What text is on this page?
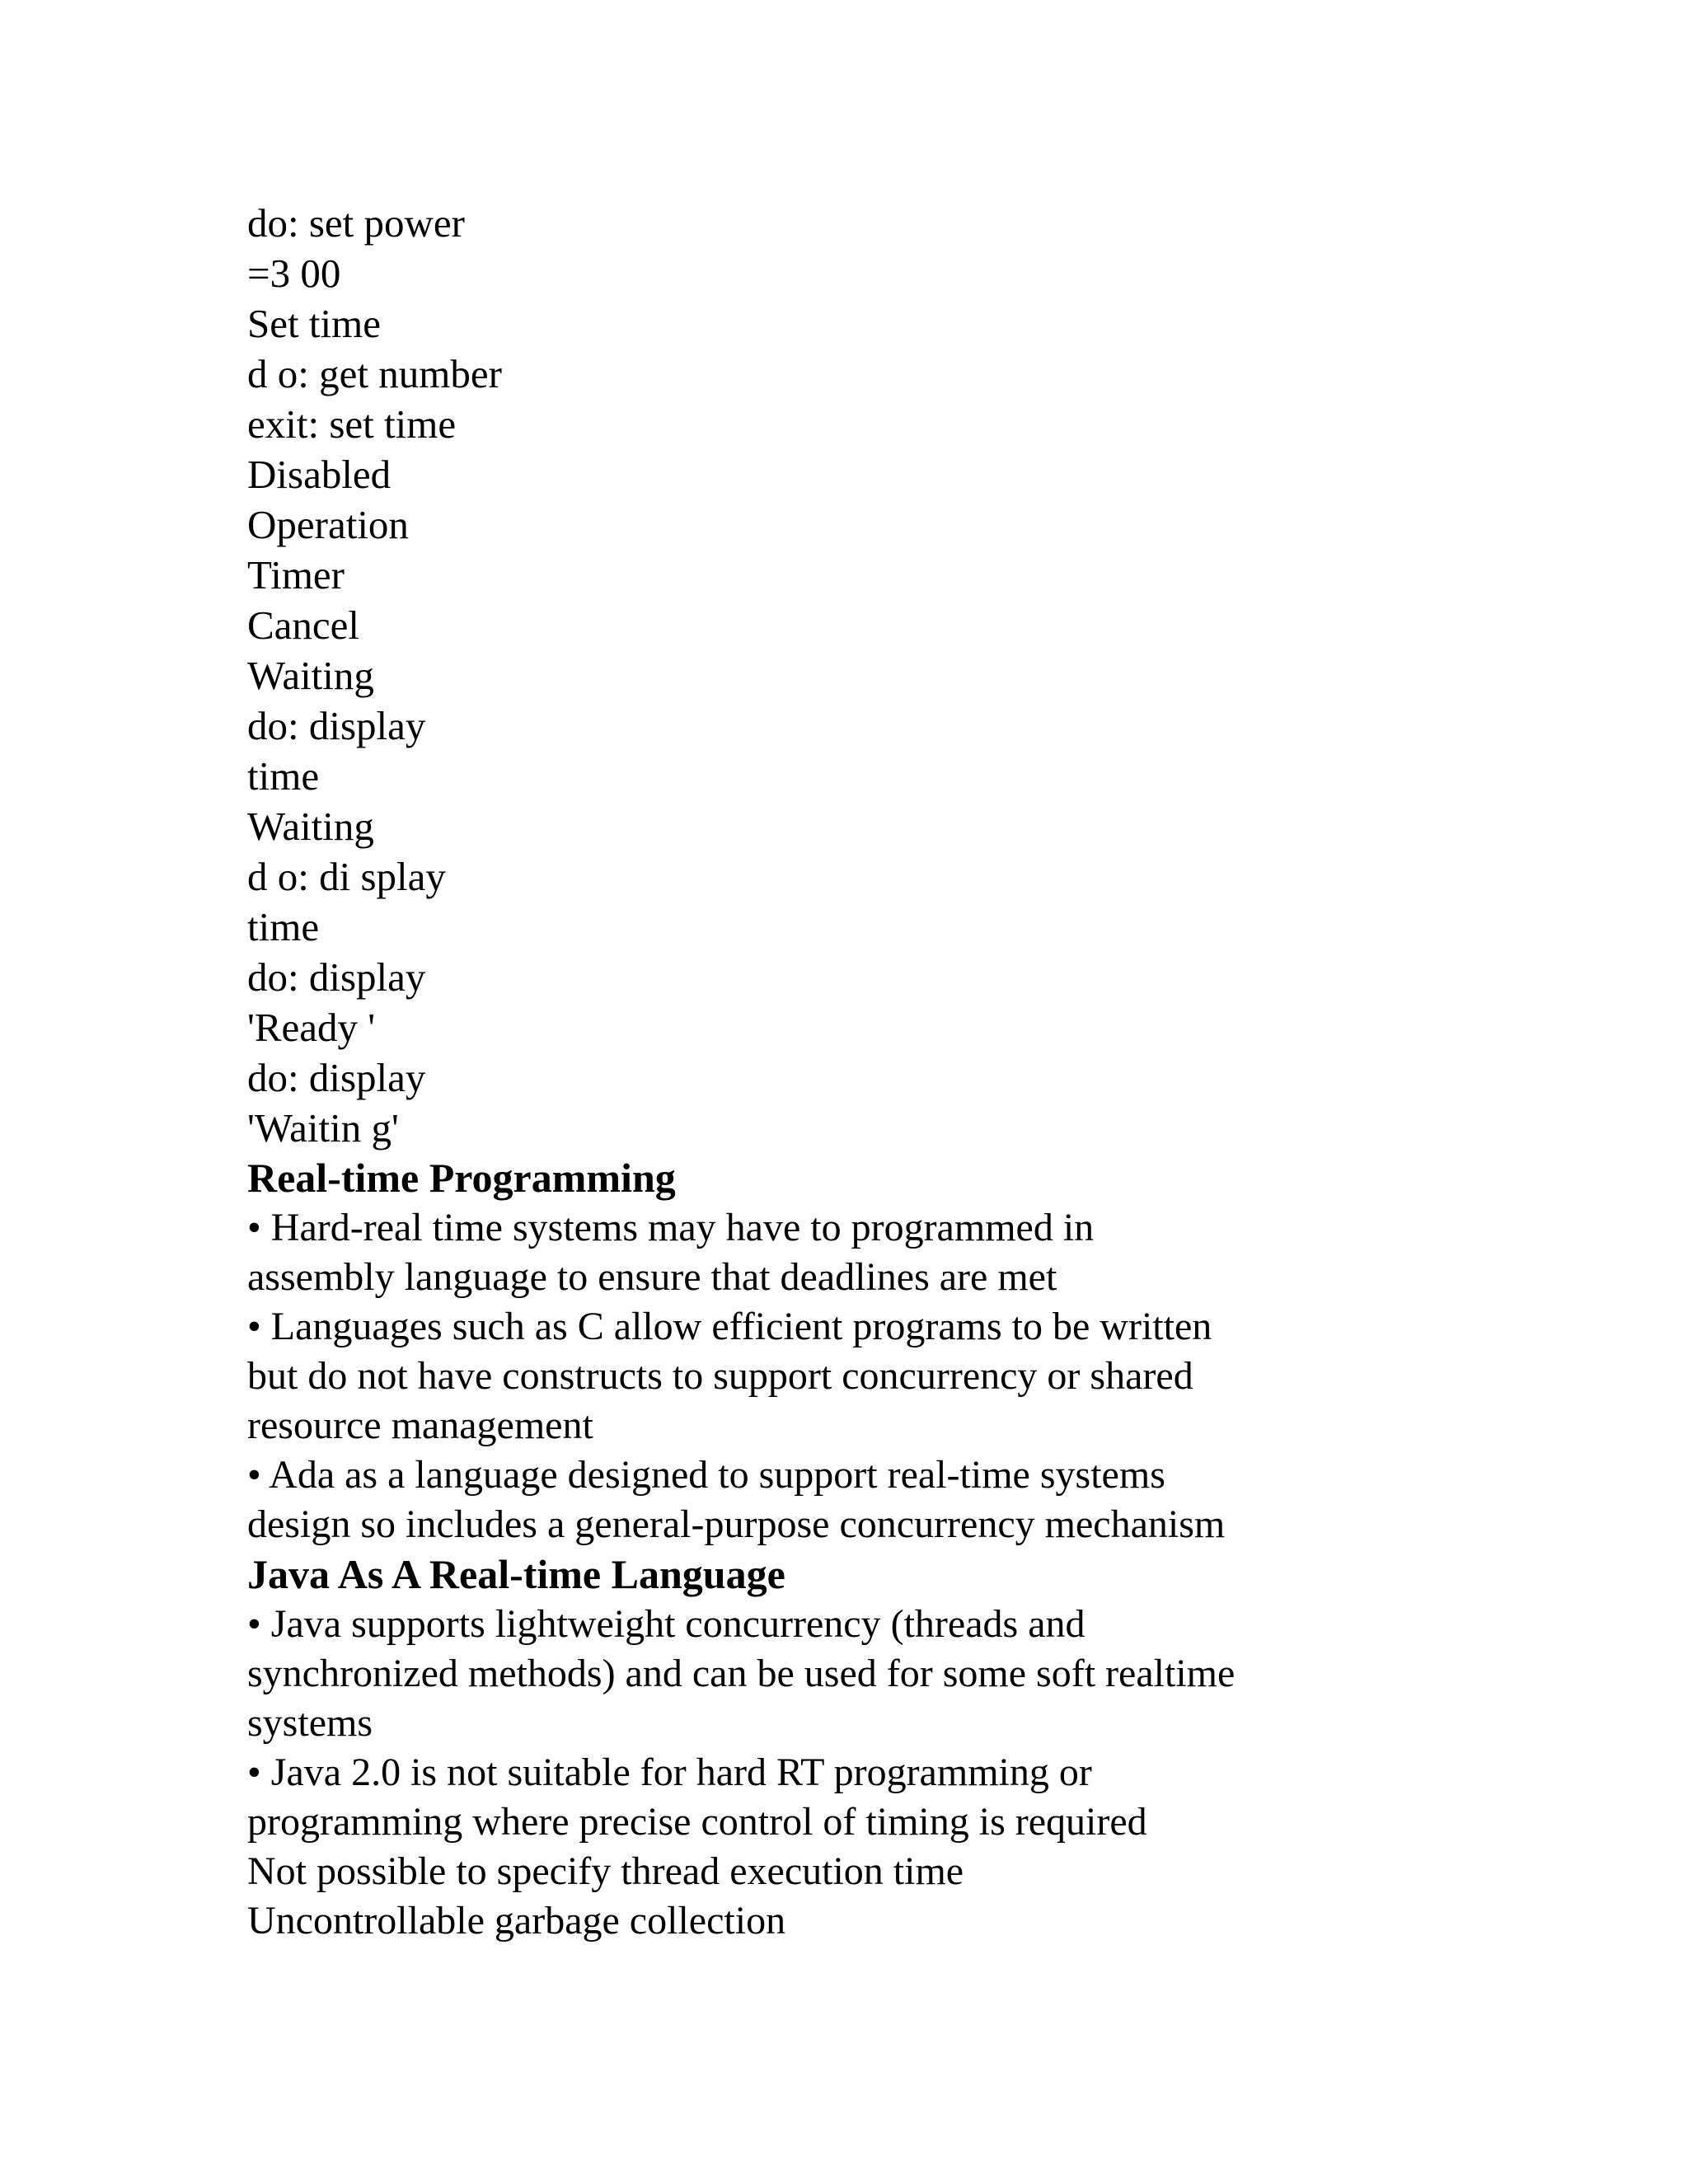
do: set power
=3 00
Set time
d o: get number
exit: set time
Disabled
Operation
Timer
Cancel
Waiting
do: display
time
Waiting
d o: di splay
time
do: display
'Ready '
do: display
'Waitin g'
Real-time Programming
• Hard-real time systems may have to programmed in
assembly language to ensure that deadlines are met
• Languages such as C allow efficient programs to be written
but do not have constructs to support concurrency or shared
resource management
• Ada as a language designed to support real-time systems
design so includes a general-purpose concurrency mechanism
Java As A Real-time Language
• Java supports lightweight concurrency (threads and
synchronized methods) and can be used for some soft realtime
systems
• Java 2.0 is not suitable for hard RT programming or
programming where precise control of timing is required
Not possible to specify thread execution time
Uncontrollable garbage collection
